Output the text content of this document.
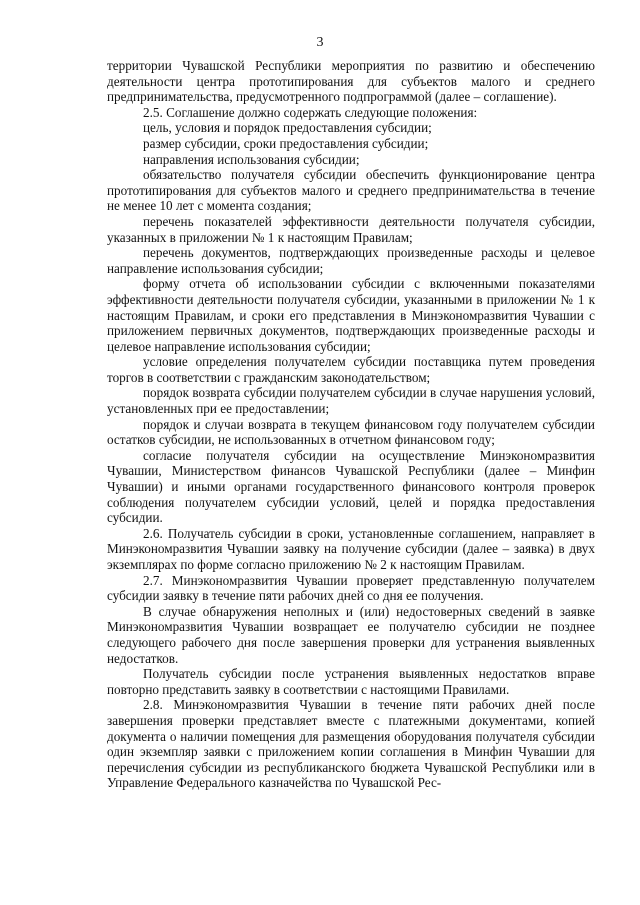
3

территории Чувашской Республики мероприятия по развитию и обеспечению деятельности центра прототипирования для субъектов малого и среднего предпринимательства, предусмотренного подпрограммой (далее – соглашение).

2.5. Соглашение должно содержать следующие положения:

цель, условия и порядок предоставления субсидии;

размер субсидии, сроки предоставления субсидии;

направления использования субсидии;

обязательство получателя субсидии обеспечить функционирование центра прототипирования для субъектов малого и среднего предпринимательства в течение не менее 10 лет с момента создания;

перечень показателей эффективности деятельности получателя субсидии, указанных в приложении № 1 к настоящим Правилам;

перечень документов, подтверждающих произведенные расходы и целевое направление использования субсидии;

форму отчета об использовании субсидии с включенными показателями эффективности деятельности получателя субсидии, указанными в приложении № 1 к настоящим Правилам, и сроки его представления в Минэкономразвития Чувашии с приложением первичных документов, подтверждающих произведенные расходы и целевое направление использования субсидии;

условие определения получателем субсидии поставщика путем проведения торгов в соответствии с гражданским законодательством;

порядок возврата субсидии получателем субсидии в случае нарушения условий, установленных при ее предоставлении;

порядок и случаи возврата в текущем финансовом году получателем субсидии остатков субсидии, не использованных в отчетном финансовом году;

согласие получателя субсидии на осуществление Минэкономразвития Чувашии, Министерством финансов Чувашской Республики (далее – Минфин Чувашии) и иными органами государственного финансового контроля проверок соблюдения получателем субсидии условий, целей и порядка предоставления субсидии.

2.6. Получатель субсидии в сроки, установленные соглашением, направляет в Минэкономразвития Чувашии заявку на получение субсидии (далее – заявка) в двух экземплярах по форме согласно приложению № 2 к настоящим Правилам.

2.7. Минэкономразвития Чувашии проверяет представленную получателем субсидии заявку в течение пяти рабочих дней со дня ее получения.

В случае обнаружения неполных и (или) недостоверных сведений в заявке Минэкономразвития Чувашии возвращает ее получателю субсидии не позднее следующего рабочего дня после завершения проверки для устранения выявленных недостатков.

Получатель субсидии после устранения выявленных недостатков вправе повторно представить заявку в соответствии с настоящими Правилами.

2.8. Минэкономразвития Чувашии в течение пяти рабочих дней после завершения проверки представляет вместе с платежными документами, копией документа о наличии помещения для размещения оборудования получателя субсидии один экземпляр заявки с приложением копии соглашения в Минфин Чувашии для перечисления субсидии из республиканского бюджета Чувашской Республики или в Управление Федерального казначейства по Чувашской Рес-
